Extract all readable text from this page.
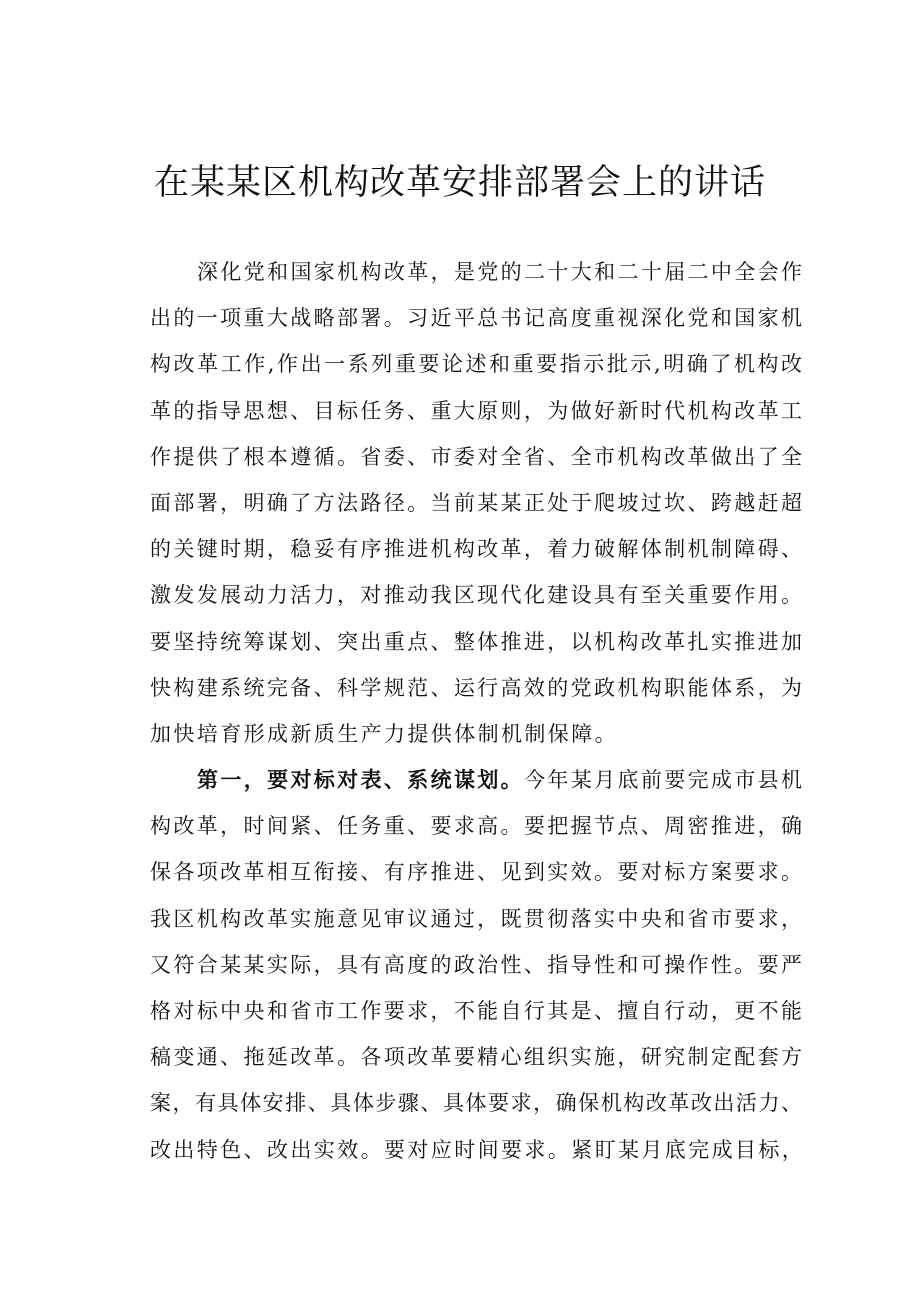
在某某区机构改革安排部署会上的讲话
深化党和国家机构改革，是党的二十大和二十届二中全会作
出的一项重大战略部署。习近平总书记高度重视深化党和国家机
构改革工作,作出一系列重要论述和重要指示批示,明确了机构改
革的指导思想、目标任务、重大原则，为做好新时代机构改革工
作提供了根本遵循。省委、市委对全省、全市机构改革做出了全
面部署，明确了方法路径。当前某某正处于爬坡过坎、跨越赶超
的关键时期，稳妥有序推进机构改革，着力破解体制机制障碍、
激发发展动力活力，对推动我区现代化建设具有至关重要作用。
要坚持统筹谋划、突出重点、整体推进，以机构改革扎实推进加
快构建系统完备、科学规范、运行高效的党政机构职能体系，为
加快培育形成新质生产力提供体制机制保障。
第一，要对标对表、系统谋划。今年某月底前要完成市县机
构改革，时间紧、任务重、要求高。要把握节点、周密推进，确
保各项改革相互衔接、有序推进、见到实效。要对标方案要求。
我区机构改革实施意见审议通过，既贯彻落实中央和省市要求，
又符合某某实际，具有高度的政治性、指导性和可操作性。要严
格对标中央和省市工作要求，不能自行其是、擅自行动，更不能
稿变通、拖延改革。各项改革要精心组织实施，研究制定配套方
案，有具体安排、具体步骤、具体要求，确保机构改革改出活力、
改出特色、改出实效。要对应时间要求。紧盯某月底完成目标，
